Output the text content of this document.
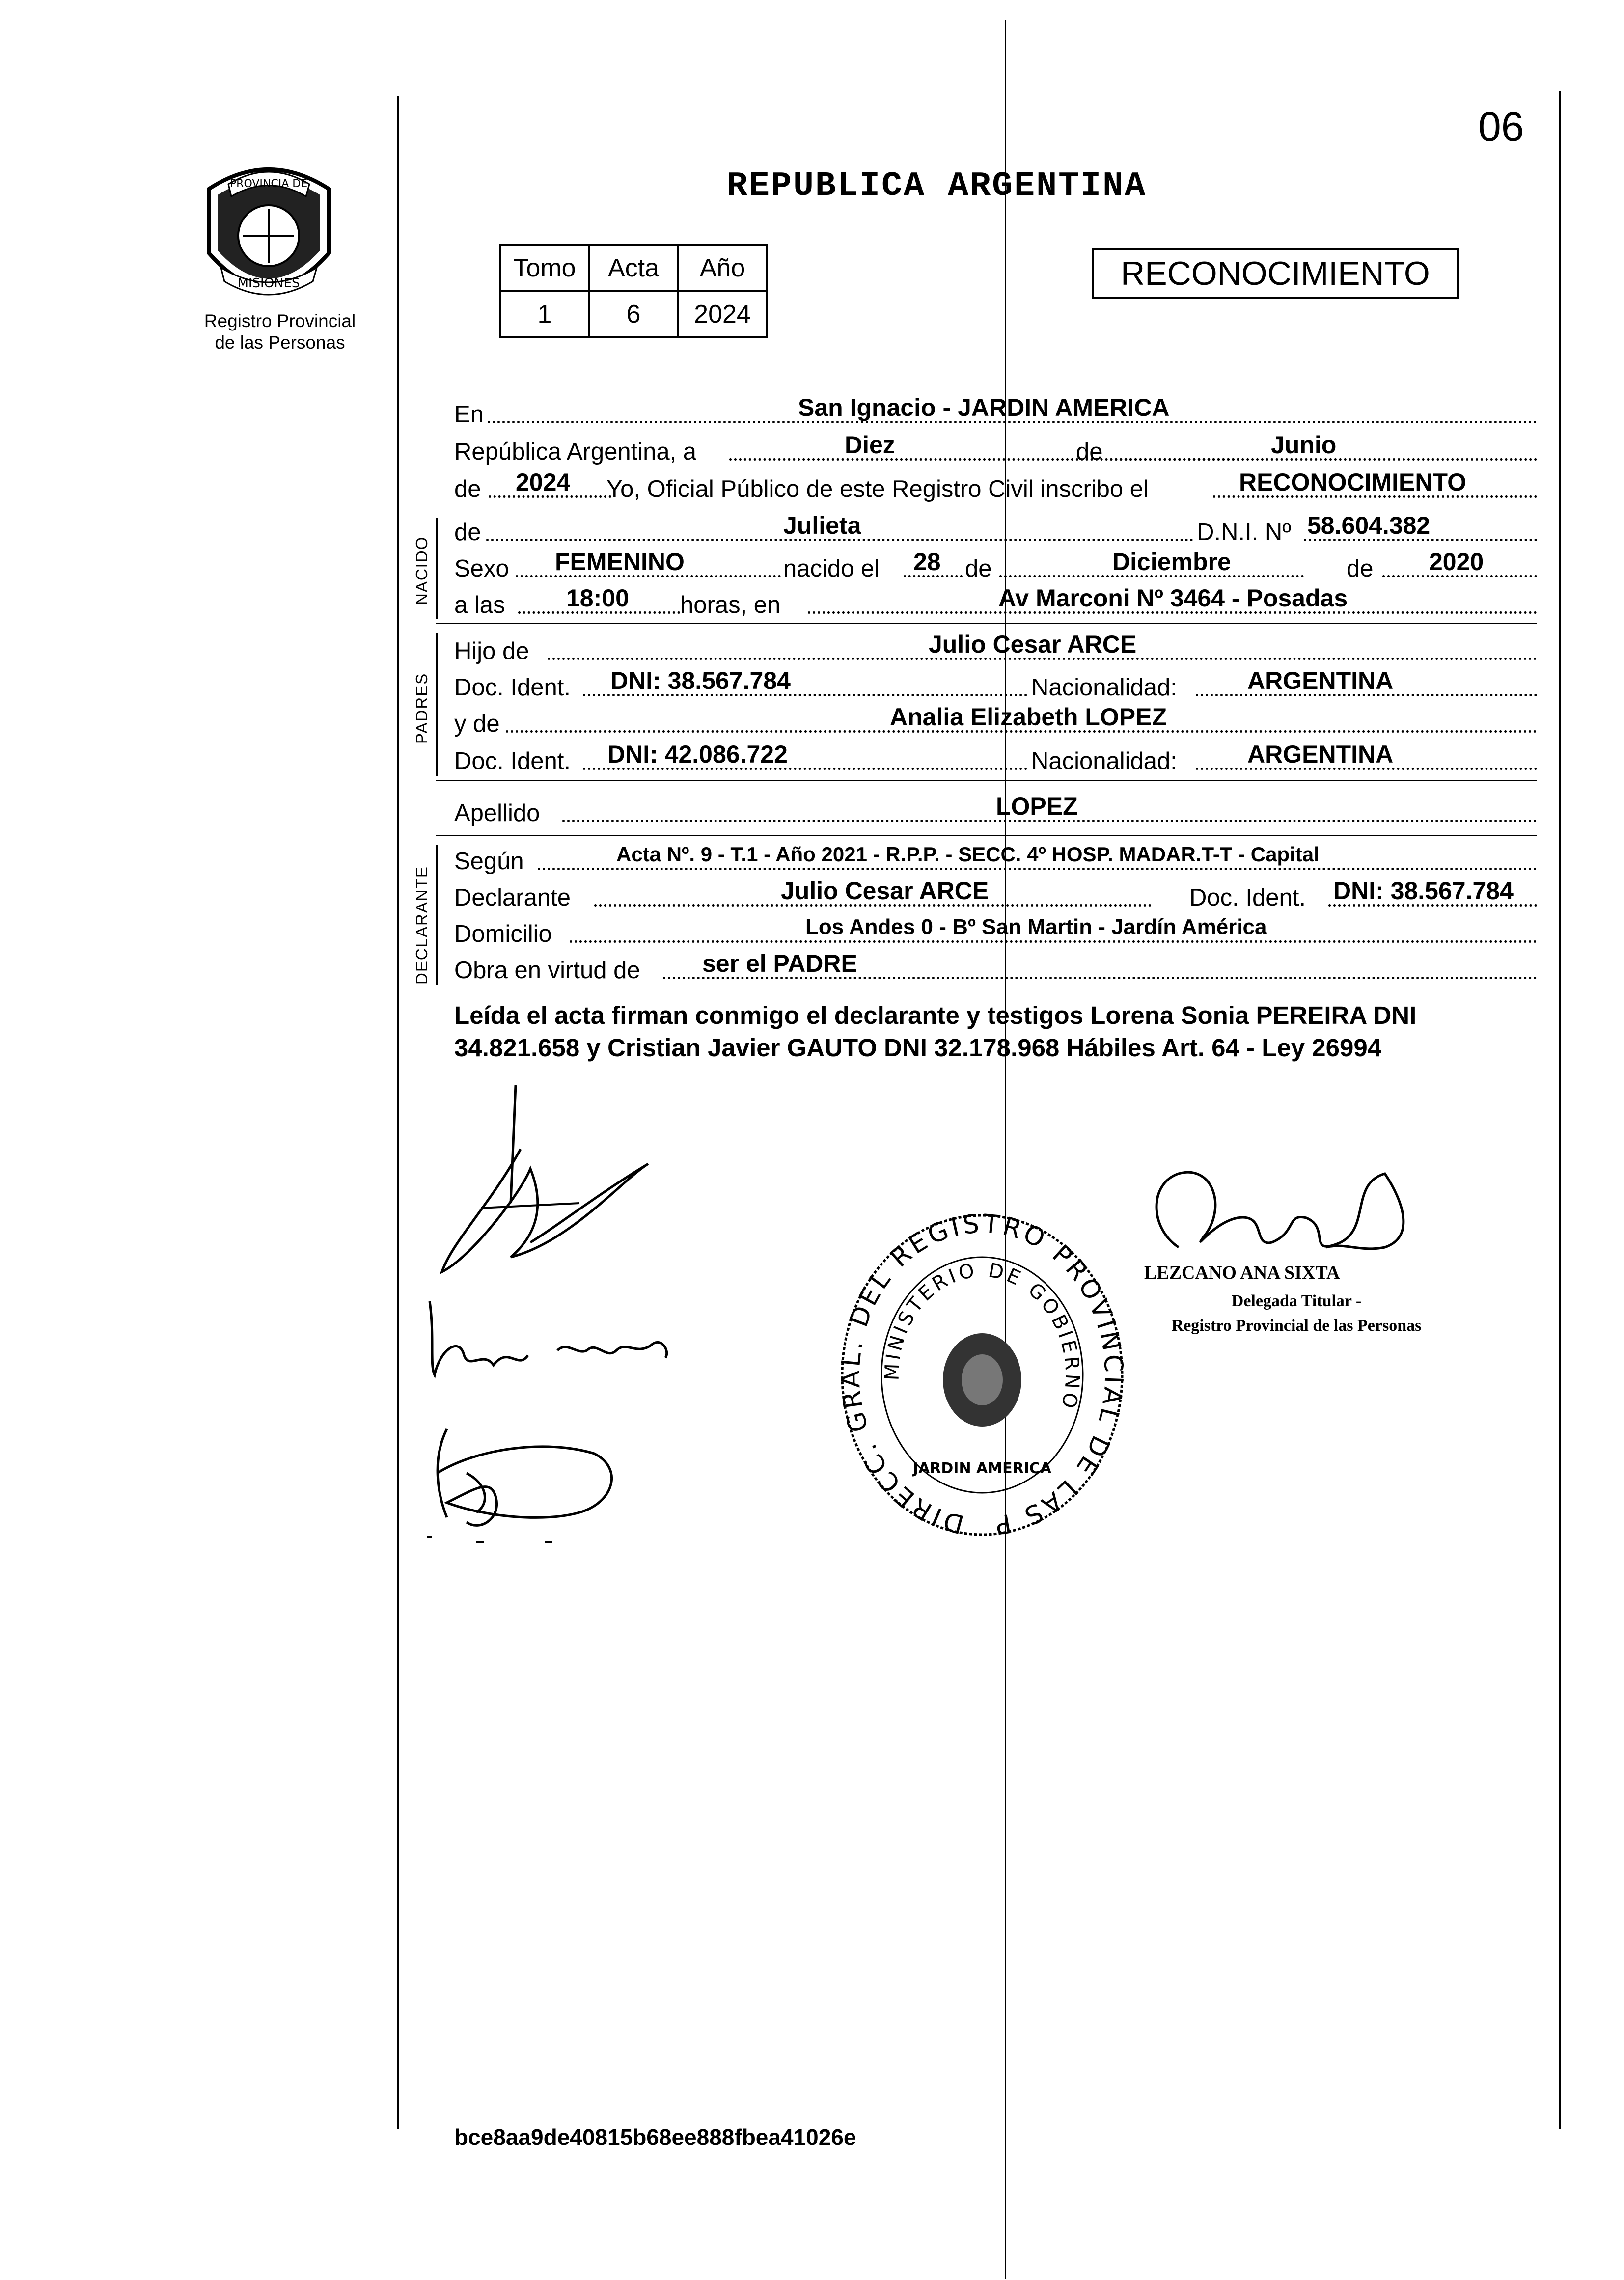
06
PROVINCIA DE
MISIONES
Registro Provincial
de las Personas
REPUBLICA ARGENTINA
Tomo	Acta	Año
1	6	2024
RECONOCIMIENTO
En	San Ignacio - JARDIN AMERICA
República Argentina, a	Diez	de	Junio
de 2024 Yo, Oficial Público de este Registro Civil inscribo el	RECONOCIMIENTO
NACIDO
de	Julieta	D.N.I. Nº 58.604.382
Sexo FEMENINO	nacido el 28 de	Diciembre	de 2020
a las 18:00 horas, en	Av Marconi Nº 3464 - Posadas
PADRES
Hijo de	Julio Cesar ARCE
Doc. Ident. DNI: 38.567.784	Nacionalidad:	ARGENTINA
y de	Analia Elizabeth LOPEZ
Doc. Ident. DNI: 42.086.722	Nacionalidad:	ARGENTINA
Apellido	LOPEZ
DECLARANTE
Según	Acta Nº. 9 - T.1 - Año 2021 - R.P.P. - SECC. 4º HOSP. MADAR.T-T - Capital
Declarante	Julio Cesar ARCE	Doc. Ident. DNI: 38.567.784
Domicilio	Los Andes 0 - Bº San Martin - Jardín América
Obra en virtud de	ser el PADRE
Leída el acta firman conmigo el declarante y testigos Lorena Sonia PEREIRA DNI 34.821.658 y Cristian Javier GAUTO DNI 32.178.968 Hábiles Art. 64 - Ley 26994
DIRECC. GRAL. DEL REGISTRO PROVINCIAL DE LAS PERSONAS
MINISTERIO DE GOBIERNO
JARDIN AMERICA
LEZCANO ANA SIXTA
Delegada Titular -
Registro Provincial de las Personas
bce8aa9de40815b68ee888fbea41026e
